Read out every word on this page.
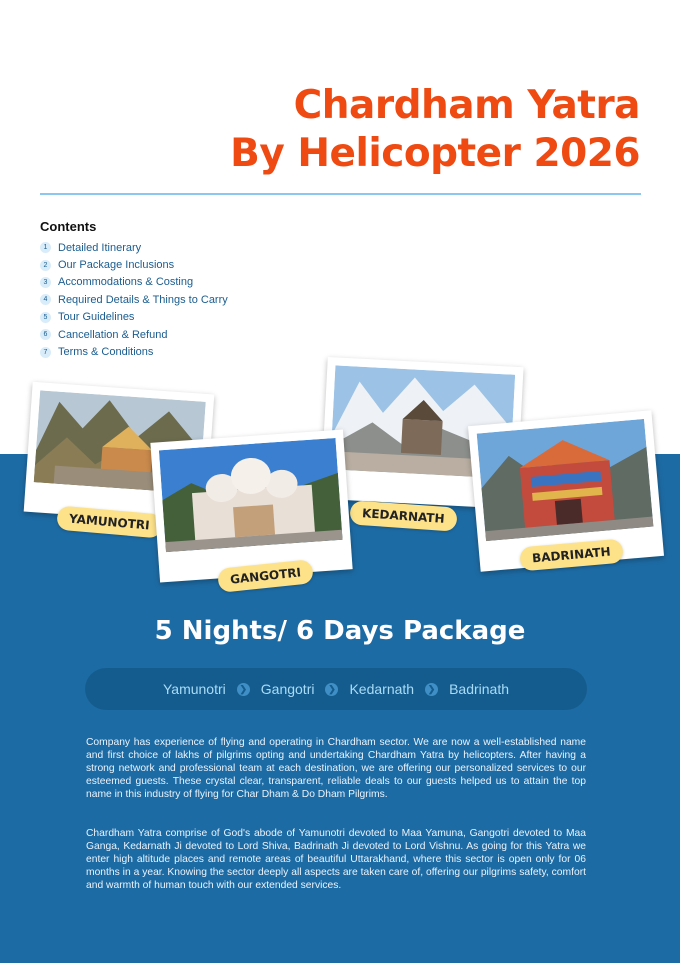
Chardham Yatra
By Helicopter 2026
Contents
1 Detailed Itinerary
2 Our Package Inclusions
3 Accommodations & Costing
4 Required Details & Things to Carry
5 Tour Guidelines
6 Cancellation & Refund
7 Terms & Conditions
YAMUNOTRI	KEDARNATH
GANGOTRI
BADRINATH
5 Nights/ 6 Days Package
Yamunotri	❯ Gangotri	❯ Kedarnath	❯ Badrinath

Company has experience of flying and operating in Chardham sector. We are now a well-established name and first choice of lakhs of pilgrims opting and undertaking Chardham Yatra by helicopters. After having a strong network and professional team at each destination, we are offering our personalized services to our esteemed guests. These crystal clear, transparent, reliable deals to our guests helped us to attain the top name in this industry of flying for Char Dham & Do Dham Pilgrims.

Chardham Yatra comprise of God's abode of Yamunotri devoted to Maa Yamuna, Gangotri devoted to Maa Ganga, Kedarnath Ji devoted to Lord Shiva, Badrinath Ji devoted to Lord Vishnu. As going for this Yatra we enter high altitude places and remote areas of beautiful Uttarakhand, where this sector is open only for 06 months in a year. Knowing the sector deeply all aspects are taken care of, offering our pilgrims safety, comfort and warmth of human touch with our extended services.
